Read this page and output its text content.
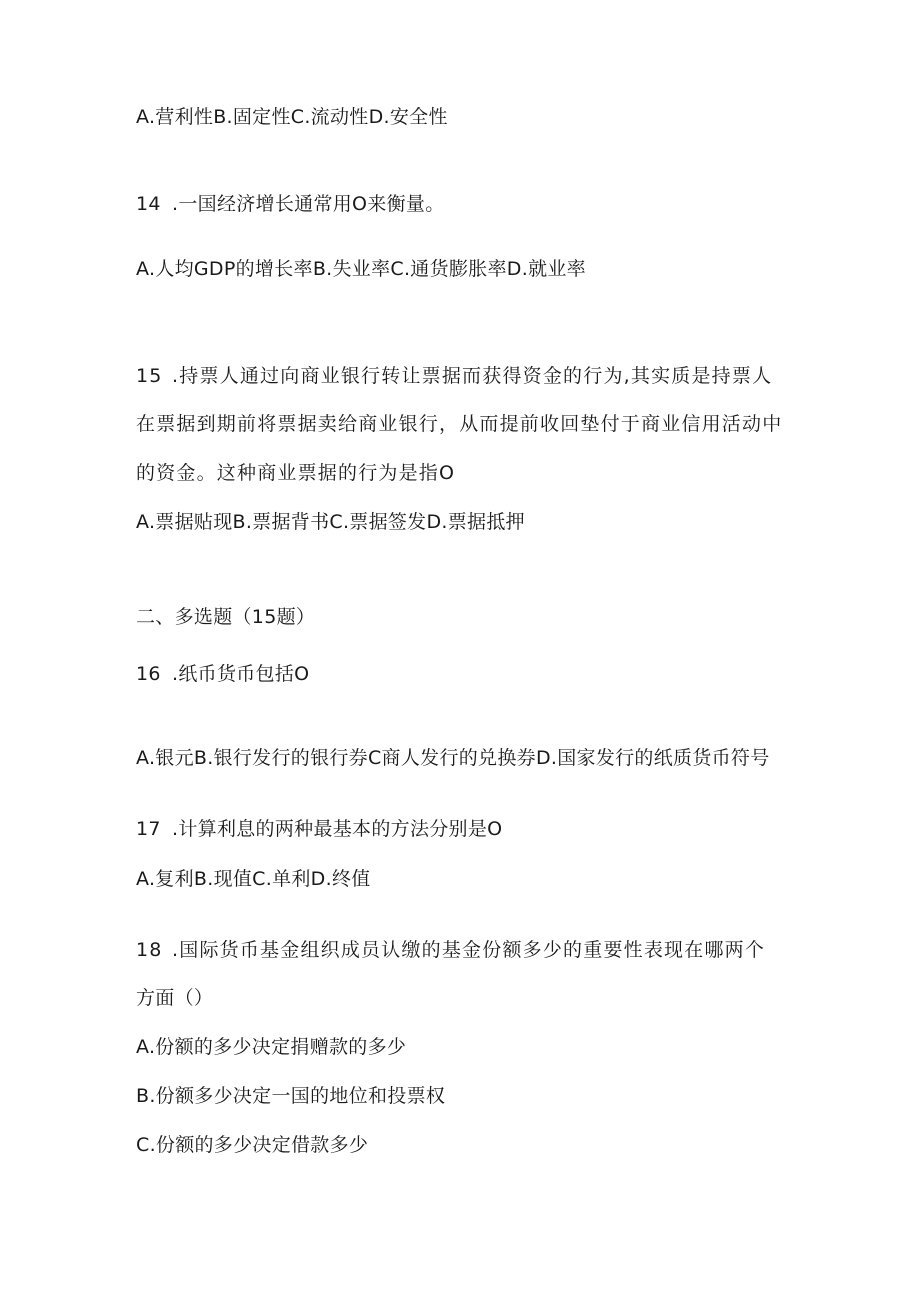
A.营利性B.固定性C.流动性D.安全性
14 .一国经济增长通常用O来衡量。
A.人均GDP的增长率B.失业率C.通货膨胀率D.就业率
15 .持票人通过向商业银行转让票据而获得资金的行为,其实质是持票人
在票据到期前将票据卖给商业银行，从而提前收回垫付于商业信用活动中
的资金。这种商业票据的行为是指O
A.票据贴现B.票据背书C.票据签发D.票据抵押
二、多选题（15题）
16 .纸币货币包括O
A.银元B.银行发行的银行券C商人发行的兑换券D.国家发行的纸质货币符号
17 .计算利息的两种最基本的方法分别是O
A.复利B.现值C.单利D.终值
18 .国际货币基金组织成员认缴的基金份额多少的重要性表现在哪两个
方面（）
A.份额的多少决定捐赠款的多少
B.份额多少决定一国的地位和投票权
C.份额的多少决定借款多少
